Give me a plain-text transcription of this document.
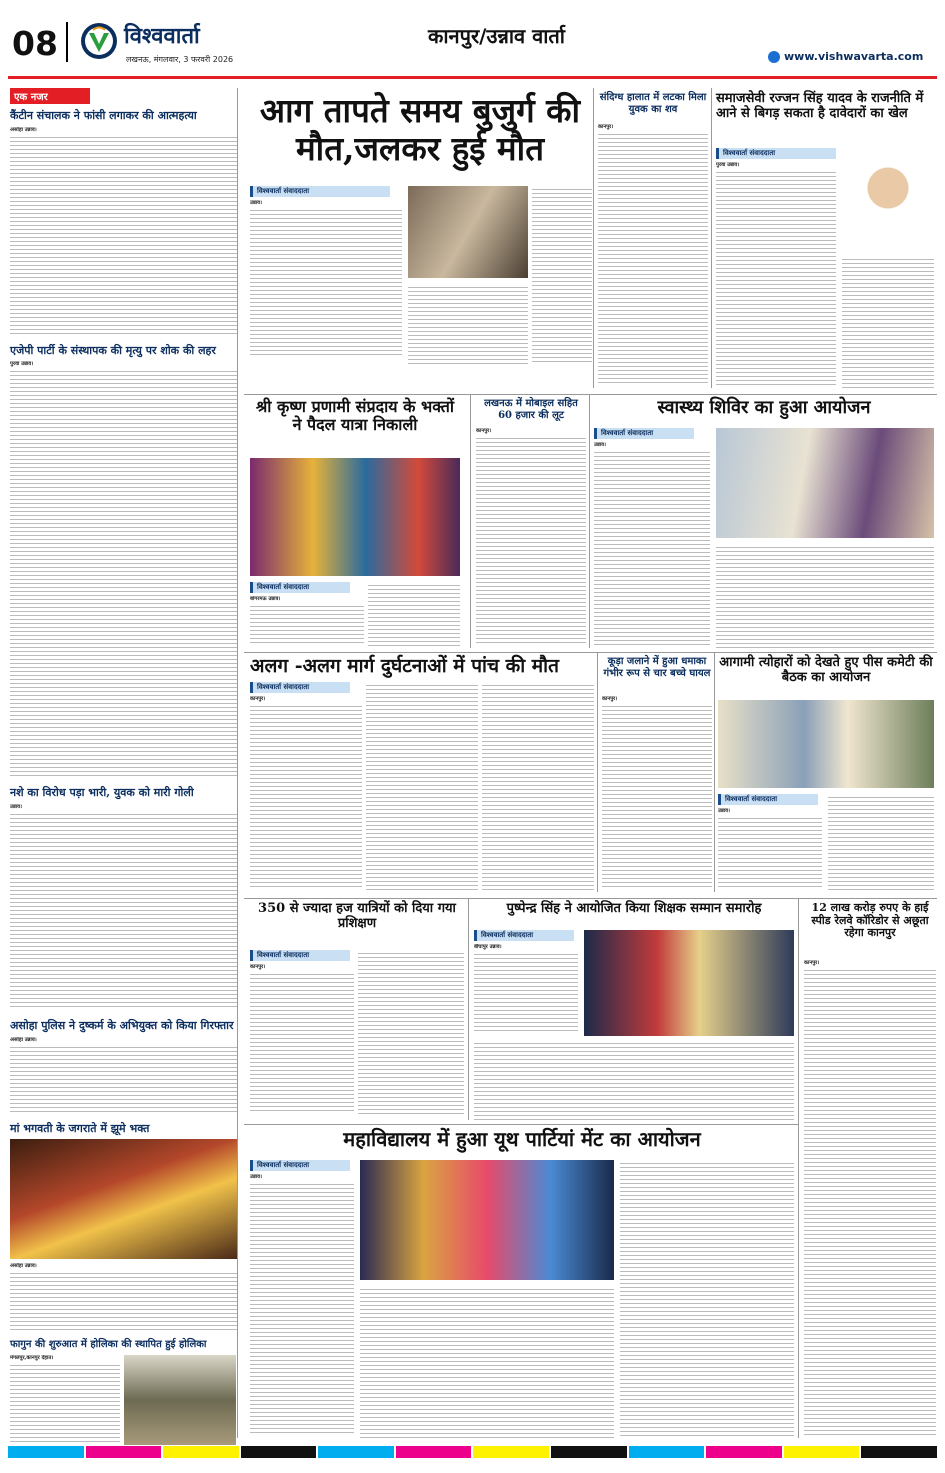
08	विश्ववार्ता
लखनऊ, मंगलवार, 3 फरवरी 2026
कानपुर/उन्नाव वार्ता
www.vishwavarta.com
एक नजर
कैंटीन संचालक ने फांसी लगाकर की आत्महत्या
असोहा उन्नाव।
एजेपी पार्टी के संस्थापक की मृत्यु पर शोक की लहर
पुरवा उन्नाव।
नशे का विरोध पड़ा भारी, युवक को मारी गोली
उन्नाव।
असोहा पुलिस ने दुष्कर्म के अभियुक्त को किया गिरफ्तार
असोहा उन्नाव।
मां भगवती के जगराते में झूमे भक्त
असोहा उन्नाव।
फागुन की शुरुआत में होलिका की स्थापित हुई होलिका
मंगलपुर,कानपुर देहात।
आग तापते समय बुजुर्ग की मौत,जलकर हुई मौत
विश्ववार्ता संवाददाता
उन्नाव।
संदिग्ध हालात में लटका मिला युवक का शव
कानपुर।
समाजसेवी रज्जन सिंह यादव के राजनीति में आने से बिगड़ सकता है दावेदारों का खेल
विश्ववार्ता संवाददाता
पुरवा उन्नाव।
श्री कृष्ण प्रणामी संप्रदाय के भक्तों ने पैदल यात्रा निकाली
विश्ववार्ता संवाददाता
बांगरमऊ उन्नाव।
लखनऊ में मोबाइल सहित 60 हजार की लूट
कानपुर।
स्वास्थ्य शिविर का हुआ आयोजन
विश्ववार्ता संवाददाता
उन्नाव।
अलग -अलग मार्ग दुर्घटनाओं में पांच की मौत
विश्ववार्ता संवाददाता
कानपुर।
कूड़ा जलाने में हुआ धमाका गंभीर रूप से चार बच्चे घायल
कानपुर।
आगामी त्योहारों को देखते हुए पीस कमेटी की बैठक का आयोजन
विश्ववार्ता संवाददाता
उन्नाव।
350 से ज्यादा हज यात्रियों को दिया गया प्रशिक्षण
विश्ववार्ता संवाददाता
कानपुर।
पुष्पेन्द्र सिंह ने आयोजित किया शिक्षक सम्मान समारोह
विश्ववार्ता संवाददाता
बीघापुर उन्नाव।
12 लाख करोड़ रुपए के हाई स्पीड रेलवे कॉरिडोर से अछूता रहेगा कानपुर
कानपुर।
महाविद्यालय में हुआ यूथ पार्टियां मेंट का आयोजन
विश्ववार्ता संवाददाता
उन्नाव।
